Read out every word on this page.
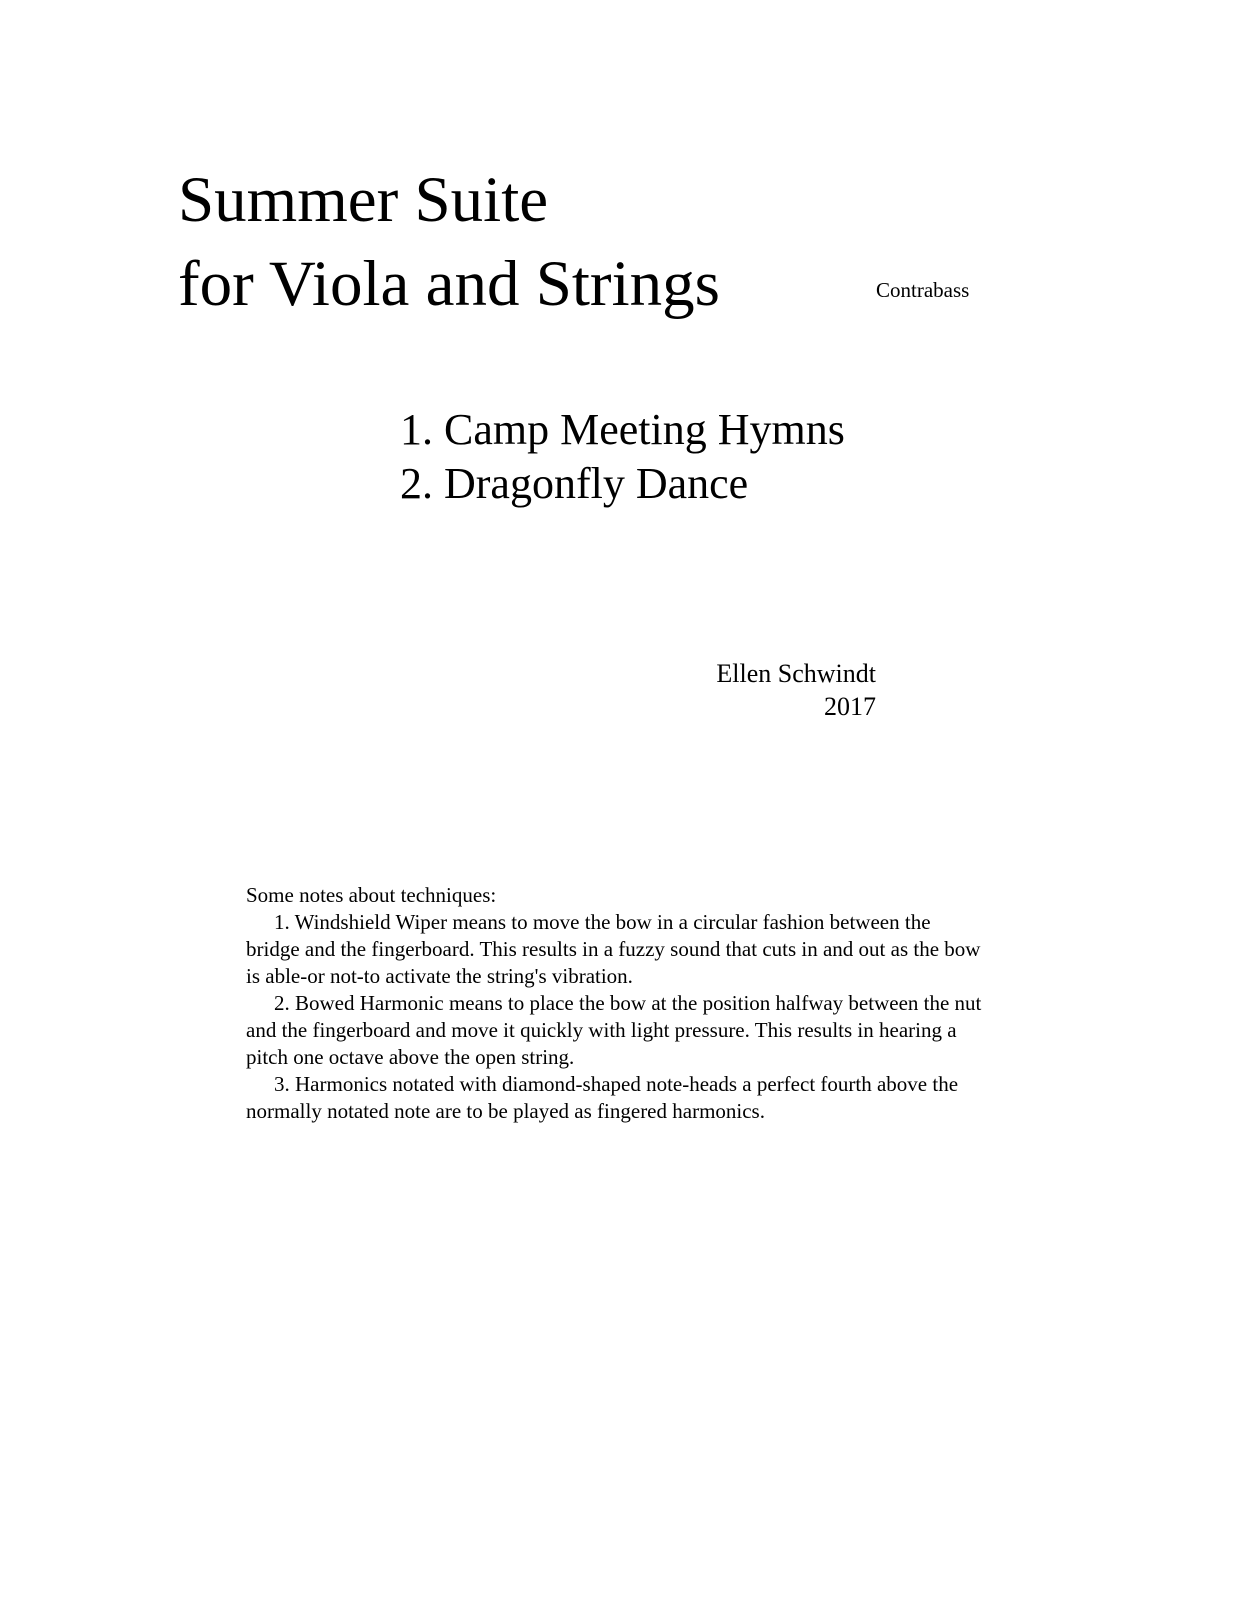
Summer Suite
for Viola and Strings	Contrabass
1. Camp Meeting Hymns
2. Dragonfly Dance
Ellen Schwindt
2017

Some notes about techniques:

1. Windshield Wiper means to move the bow in a circular fashion between the bridge and the fingerboard. This results in a fuzzy sound that cuts in and out as the bow is able-or not-to activate the string's vibration.

2. Bowed Harmonic means to place the bow at the position halfway between the nut and the fingerboard and move it quickly with light pressure. This results in hearing a pitch one octave above the open string.

3. Harmonics notated with diamond-shaped note-heads a perfect fourth above the normally notated note are to be played as fingered harmonics.
